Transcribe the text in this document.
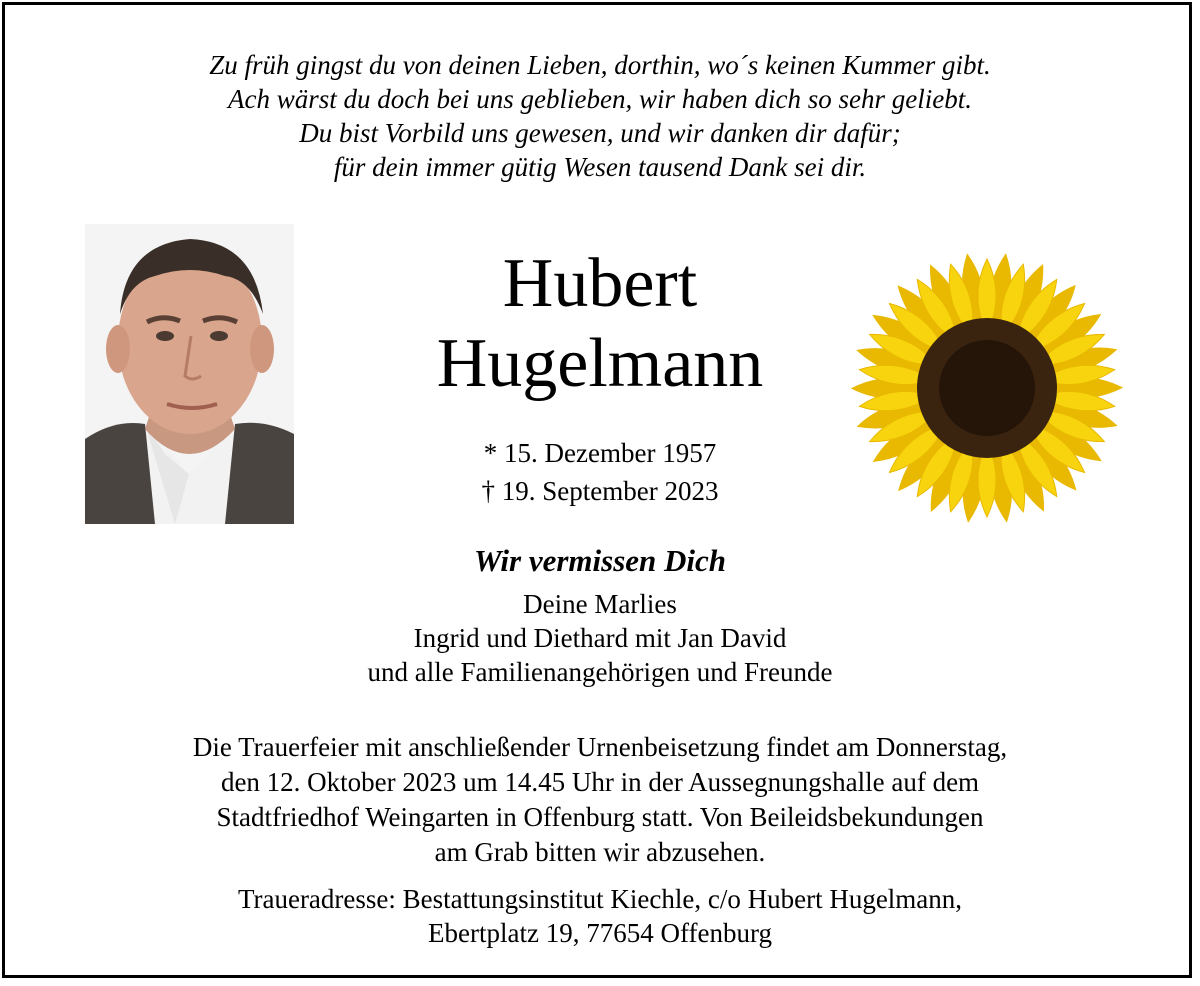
Zu früh gingst du von deinen Lieben, dorthin, wo´s keinen Kummer gibt.
Ach wärst du doch bei uns geblieben, wir haben dich so sehr geliebt.
Du bist Vorbild uns gewesen, und wir danken dir dafür;
für dein immer gütig Wesen tausend Dank sei dir.
Hubert
Hugelmann
* 15. Dezember 1957
† 19. September 2023
Wir vermissen Dich
Deine Marlies
Ingrid und Diethard mit Jan David
und alle Familienangehörigen und Freunde
Die Trauerfeier mit anschließender Urnenbeisetzung findet am Donnerstag,
den 12. Oktober 2023 um 14.45 Uhr in der Aussegnungshalle auf dem
Stadtfriedhof Weingarten in Offenburg statt. Von Beileidsbekundungen
am Grab bitten wir abzusehen.
Traueradresse: Bestattungsinstitut Kiechle, c/o Hubert Hugelmann,
Ebertplatz 19, 77654 Offenburg
